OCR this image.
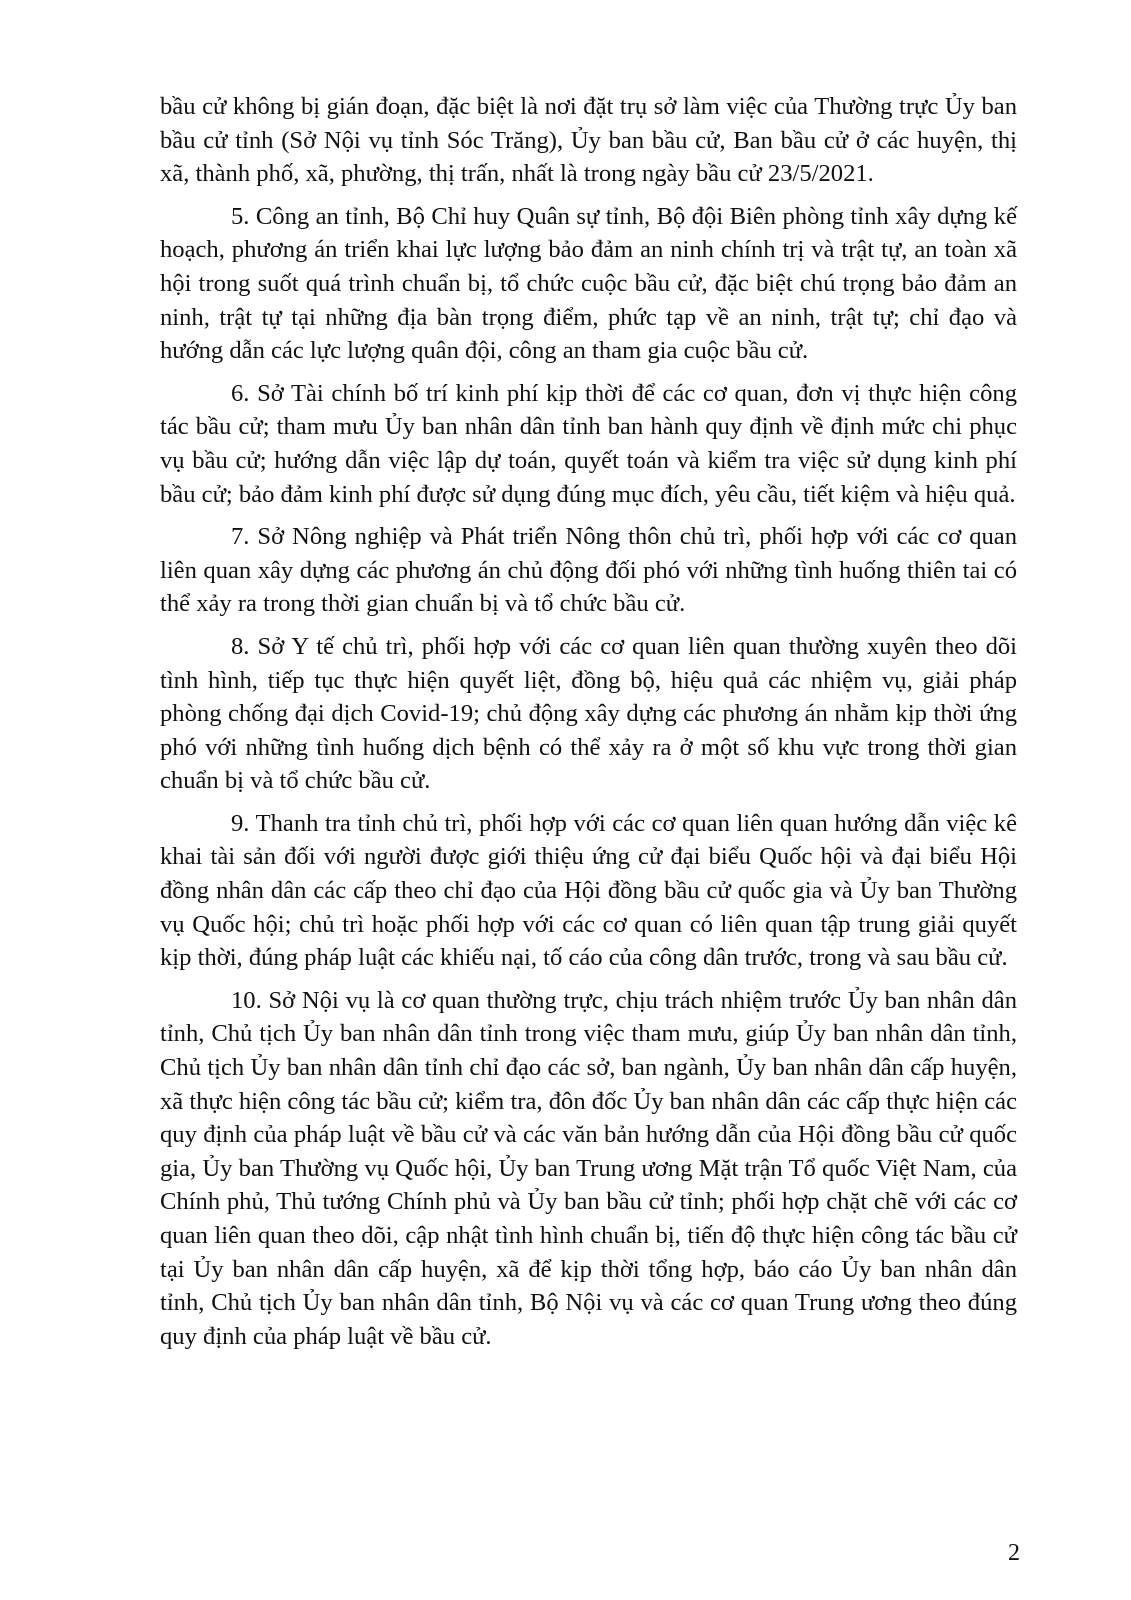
bầu cử không bị gián đoạn, đặc biệt là nơi đặt trụ sở làm việc của Thường trực Ủy ban bầu cử tỉnh (Sở Nội vụ tỉnh Sóc Trăng), Ủy ban bầu cử, Ban bầu cử ở các huyện, thị xã, thành phố, xã, phường, thị trấn, nhất là trong ngày bầu cử 23/5/2021.

5. Công an tỉnh, Bộ Chỉ huy Quân sự tỉnh, Bộ đội Biên phòng tỉnh xây dựng kế hoạch, phương án triển khai lực lượng bảo đảm an ninh chính trị và trật tự, an toàn xã hội trong suốt quá trình chuẩn bị, tổ chức cuộc bầu cử, đặc biệt chú trọng bảo đảm an ninh, trật tự tại những địa bàn trọng điểm, phức tạp về an ninh, trật tự; chỉ đạo và hướng dẫn các lực lượng quân đội, công an tham gia cuộc bầu cử.

6. Sở Tài chính bố trí kinh phí kịp thời để các cơ quan, đơn vị thực hiện công tác bầu cử; tham mưu Ủy ban nhân dân tỉnh ban hành quy định về định mức chi phục vụ bầu cử; hướng dẫn việc lập dự toán, quyết toán và kiểm tra việc sử dụng kinh phí bầu cử; bảo đảm kinh phí được sử dụng đúng mục đích, yêu cầu, tiết kiệm và hiệu quả.

7. Sở Nông nghiệp và Phát triển Nông thôn chủ trì, phối hợp với các cơ quan liên quan xây dựng các phương án chủ động đối phó với những tình huống thiên tai có thể xảy ra trong thời gian chuẩn bị và tổ chức bầu cử.

8. Sở Y tế chủ trì, phối hợp với các cơ quan liên quan thường xuyên theo dõi tình hình, tiếp tục thực hiện quyết liệt, đồng bộ, hiệu quả các nhiệm vụ, giải pháp phòng chống đại dịch Covid-19; chủ động xây dựng các phương án nhằm kịp thời ứng phó với những tình huống dịch bệnh có thể xảy ra ở một số khu vực trong thời gian chuẩn bị và tổ chức bầu cử.

9. Thanh tra tỉnh chủ trì, phối hợp với các cơ quan liên quan hướng dẫn việc kê khai tài sản đối với người được giới thiệu ứng cử đại biểu Quốc hội và đại biểu Hội đồng nhân dân các cấp theo chỉ đạo của Hội đồng bầu cử quốc gia và Ủy ban Thường vụ Quốc hội; chủ trì hoặc phối hợp với các cơ quan có liên quan tập trung giải quyết kịp thời, đúng pháp luật các khiếu nại, tố cáo của công dân trước, trong và sau bầu cử.

10. Sở Nội vụ là cơ quan thường trực, chịu trách nhiệm trước Ủy ban nhân dân tỉnh, Chủ tịch Ủy ban nhân dân tỉnh trong việc tham mưu, giúp Ủy ban nhân dân tỉnh, Chủ tịch Ủy ban nhân dân tỉnh chỉ đạo các sở, ban ngành, Ủy ban nhân dân cấp huyện, xã thực hiện công tác bầu cử; kiểm tra, đôn đốc Ủy ban nhân dân các cấp thực hiện các quy định của pháp luật về bầu cử và các văn bản hướng dẫn của Hội đồng bầu cử quốc gia, Ủy ban Thường vụ Quốc hội, Ủy ban Trung ương Mặt trận Tổ quốc Việt Nam, của Chính phủ, Thủ tướng Chính phủ và Ủy ban bầu cử tỉnh; phối hợp chặt chẽ với các cơ quan liên quan theo dõi, cập nhật tình hình chuẩn bị, tiến độ thực hiện công tác bầu cử tại Ủy ban nhân dân cấp huyện, xã để kịp thời tổng hợp, báo cáo Ủy ban nhân dân tỉnh, Chủ tịch Ủy ban nhân dân tỉnh, Bộ Nội vụ và các cơ quan Trung ương theo đúng quy định của pháp luật về bầu cử.

2
